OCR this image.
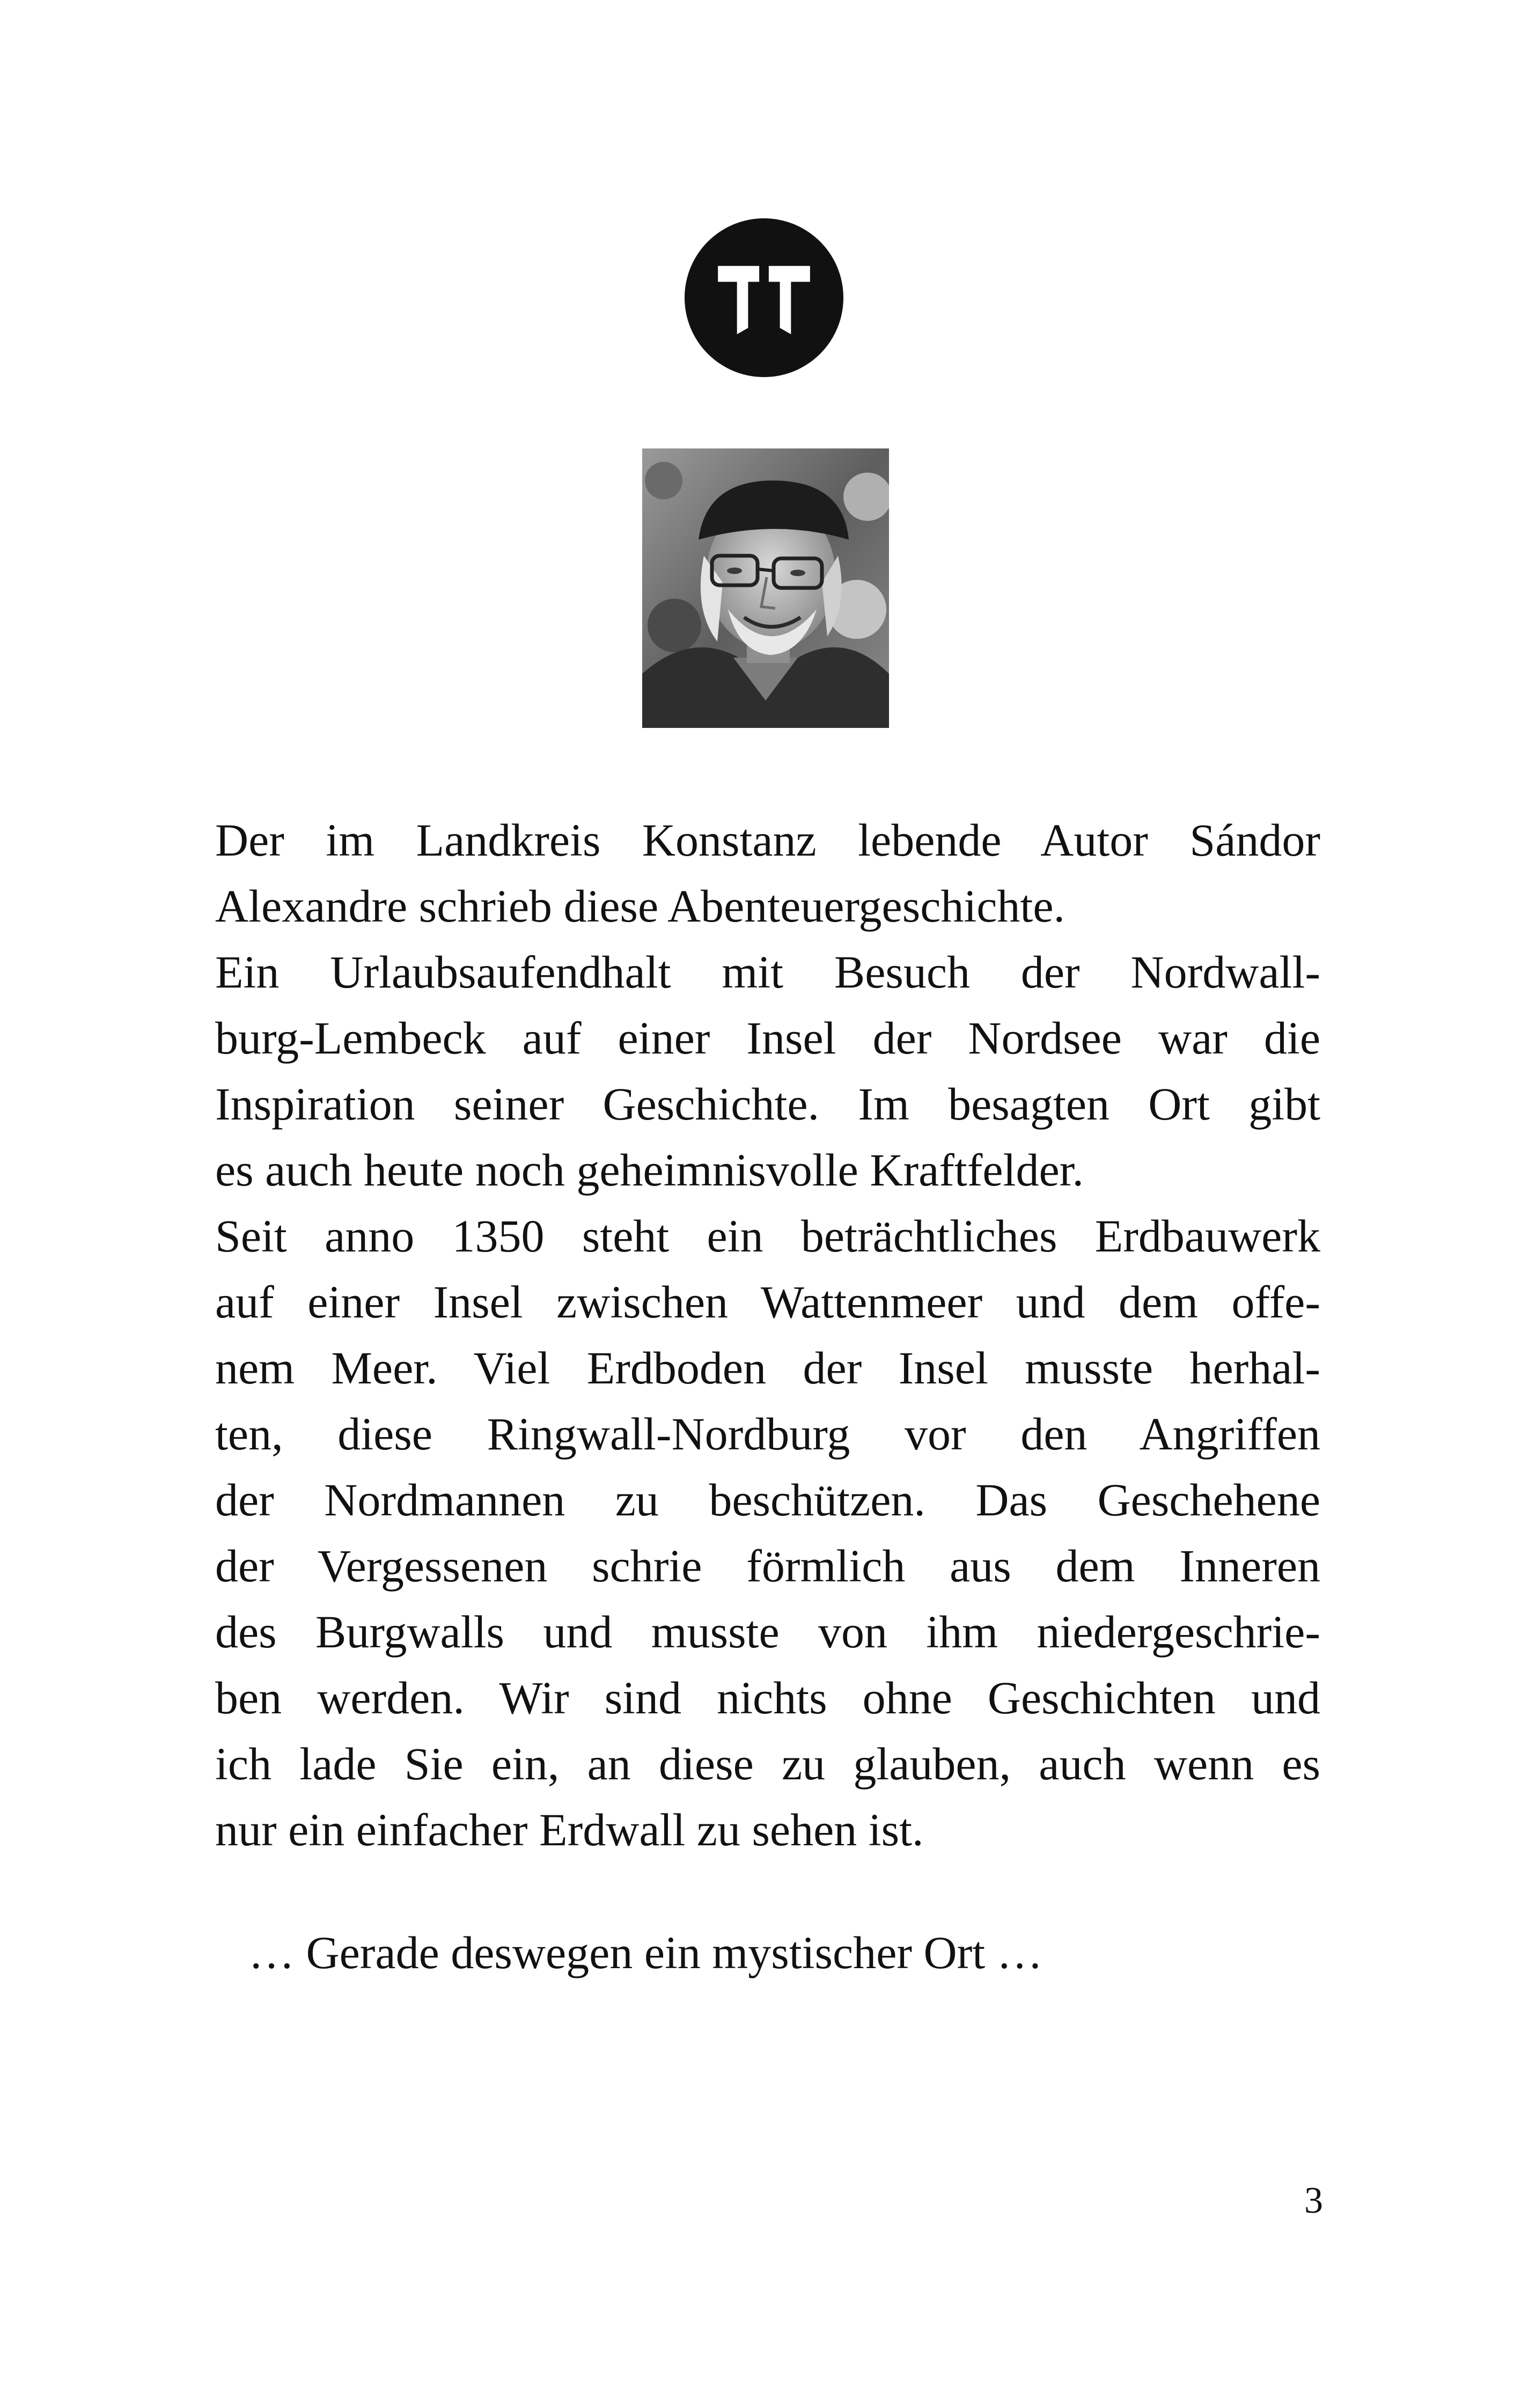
Der im Landkreis Konstanz lebende Autor Sándor
Alexandre schrieb diese Abenteuergeschichte.
Ein Urlaubsaufendhalt mit Besuch der Nordwall-
burg-Lembeck auf einer Insel der Nordsee war die
Inspiration seiner Geschichte. Im besagten Ort gibt
es auch heute noch geheimnisvolle Kraftfelder.
Seit anno 1350 steht ein beträchtliches Erdbauwerk
auf einer Insel zwischen Wattenmeer und dem offe-
nem Meer. Viel Erdboden der Insel musste herhal-
ten, diese Ringwall-Nordburg vor den Angriffen
der Nordmannen zu beschützen. Das Geschehene
der Vergessenen schrie förmlich aus dem Inneren
des Burgwalls und musste von ihm niedergeschrie-
ben werden. Wir sind nichts ohne Geschichten und
ich lade Sie ein, an diese zu glauben, auch wenn es
nur ein einfacher Erdwall zu sehen ist.
… Gerade deswegen ein mystischer Ort …
3
